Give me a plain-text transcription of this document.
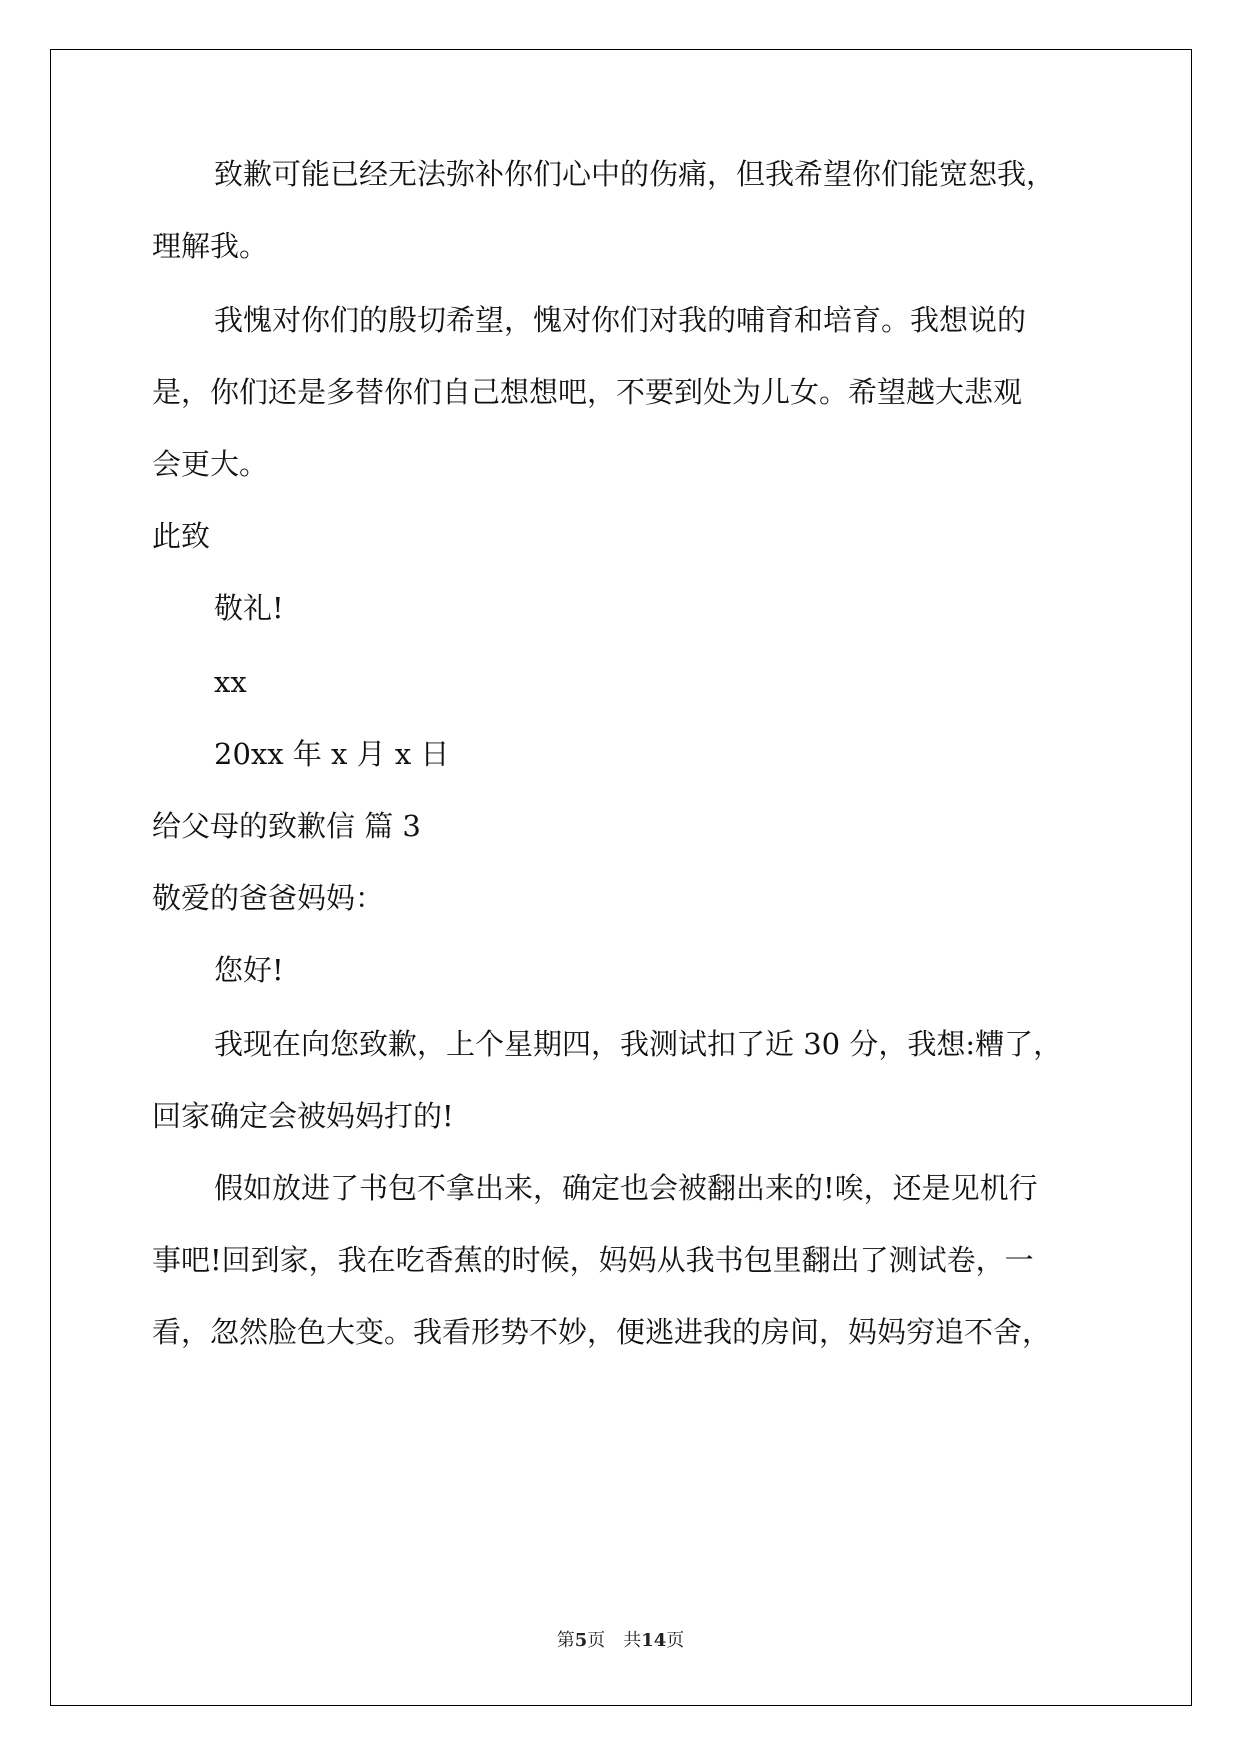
致歉可能已经无法弥补你们心中的伤痛，但我希望你们能宽恕我，
理解我。
我愧对你们的殷切希望，愧对你们对我的哺育和培育。我想说的
是，你们还是多替你们自己想想吧，不要到处为儿女。希望越大悲观
会更大。
此致
敬礼!
xx
20xx 年 x 月 x 日
给父母的致歉信 篇 3
敬爱的爸爸妈妈：
您好!
我现在向您致歉，上个星期四，我测试扣了近 30 分，我想:糟了，
回家确定会被妈妈打的!
假如放进了书包不拿出来，确定也会被翻出来的!唉，还是见机行
事吧!回到家，我在吃香蕉的时候，妈妈从我书包里翻出了测试卷，一
看，忽然脸色大变。我看形势不妙，便逃进我的房间，妈妈穷追不舍，
第5页　共14页
